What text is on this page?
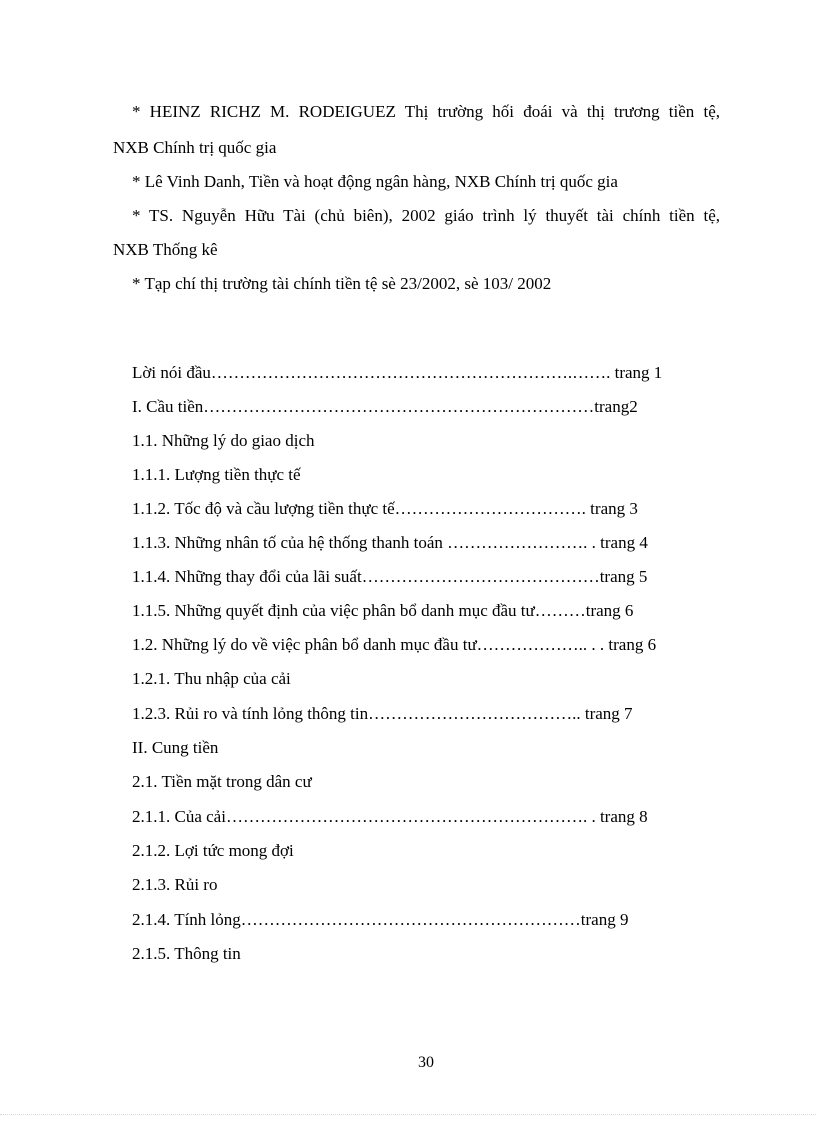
* HEINZ RICHZ M. RODEIGUEZ Thị trường hối đoái và thị trương tiền tệ,
NXB Chính trị quốc gia
* Lê Vinh Danh, Tiền và hoạt động ngân hàng, NXB Chính trị quốc gia
* TS. Nguyễn Hữu Tài (chủ biên), 2002 giáo trình lý thuyết tài chính tiền tệ,
NXB Thống kê
* Tạp chí thị trường tài chính tiền tệ sè 23/2002, sè 103/ 2002
Lời nói đầu……………………………………………………….……. trang 1
I. Cầu tiền……………………………………………………………trang2
1.1. Những lý do giao dịch
1.1.1. Lượng tiền thực tế
1.1.2. Tốc độ và cầu lượng tiền thực tế……………………………. trang 3
1.1.3. Những nhân tố của hệ thống thanh toán ……………………. . trang 4
1.1.4. Những thay đổi của lãi suất……………………………………trang 5
1.1.5. Những quyết định của việc phân bổ danh mục đầu tư………trang 6
1.2. Những lý do về việc phân bổ danh mục đầu tư……………….. . . trang 6
1.2.1. Thu nhập của cải
1.2.3. Rủi ro và tính lỏng thông tin……………………………….. trang 7
II. Cung tiền
2.1. Tiền mặt trong dân cư
2.1.1. Của cải………………………………………………………. . trang 8
2.1.2. Lợi tức mong đợi
2.1.3. Rủi ro
2.1.4. Tính lỏng……………………………………………………trang 9
2.1.5. Thông tin
30
